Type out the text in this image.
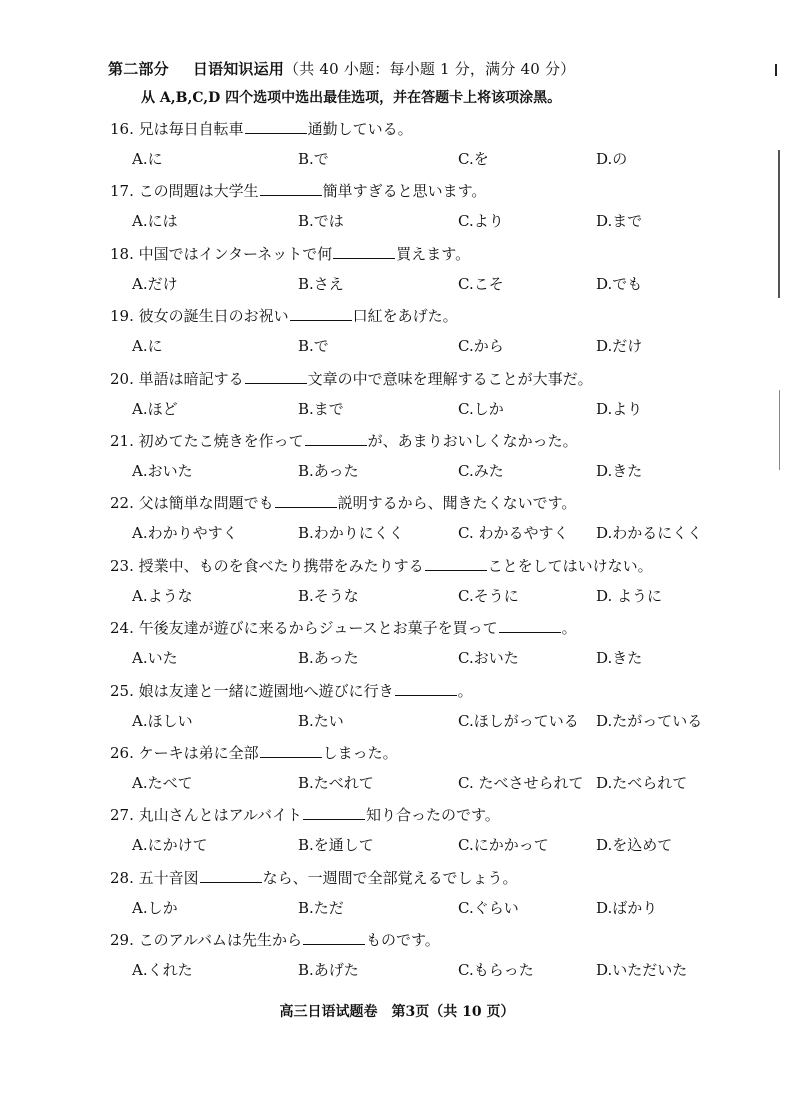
第二部分 日语知识运用（共 40 小题：每小题 1 分，满分 40 分）
从 A,B,C,D 四个选项中选出最佳选项，并在答题卡上将该项涂黑。
16. 兄は毎日自転車	通勤している。
A.に	B.で	C.を	D.の
17. この問題は大学生	簡単すぎると思います。
A.には	B.では	C.より	D.まで
18. 中国ではインターネットで何	買えます。
A.だけ	B.さえ	C.こそ	D.でも
19. 彼女の誕生日のお祝い	口紅をあげた。
A.に	B.で	C.から	D.だけ
20. 単語は暗記する	文章の中で意味を理解することが大事だ。
A.ほど	B.まで	C.しか	D.より
21. 初めてたこ焼きを作って	が、あまりおいしくなかった。
A.おいた	B.あった	C.みた	D.きた
22. 父は簡単な問題でも	説明するから、聞きたくないです。
A.わかりやすく	B.わかりにくく	C. わかるやすく D.わかるにくく
23. 授業中、ものを食べたり携帯をみたりする	ことをしてはいけない。
A.ような	B.そうな	C.そうに	D. ように
24. 午後友達が遊びに来るからジュースとお菓子を買って	。
A.いた	B.あった	C.おいた	D.きた
25. 娘は友達と一緒に遊園地へ遊びに行き	。
A.ほしい	B.たい	C.ほしがっている D.たがっている
26. ケーキは弟に全部	しまった。
A.たべて	B.たべれて	C. たべさせられて D.たべられて
27. 丸山さんとはアルバイト	知り合ったのです。
A.にかけて	B.を通して	C.にかかって	D.を込めて
28. 五十音図	なら、一週間で全部覚えるでしょう。
A.しか	B.ただ	C.ぐらい	D.ばかり
29. このアルバムは先生から	ものです。
A.くれた	B.あげた	C.もらった	D.いただいた
高三日语试题卷　第3页（共 10 页）
